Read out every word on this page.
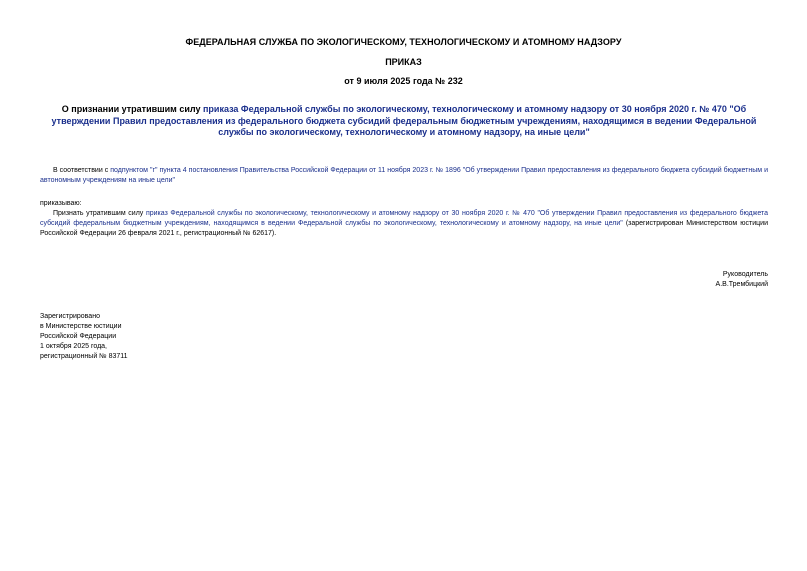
ФЕДЕРАЛЬНАЯ СЛУЖБА ПО ЭКОЛОГИЧЕСКОМУ, ТЕХНОЛОГИЧЕСКОМУ И АТОМНОМУ НАДЗОРУ
ПРИКАЗ
от 9 июля 2025 года № 232
О признании утратившим силу приказа Федеральной службы по экологическому, технологическому и атомному надзору от 30 ноября 2020 г. № 470 "Об утверждении Правил предоставления из федерального бюджета субсидий федеральным бюджетным учреждениям, находящимся в ведении Федеральной службы по экологическому, технологическому и атомному надзору, на иные цели"
В соответствии с подпунктом "г" пункта 4 постановления Правительства Российской Федерации от 11 ноября 2023 г. № 1896 "Об утверждении Правил предоставления из федерального бюджета субсидий бюджетным и автономным учреждениям на иные цели"
приказываю:
Признать утратившим силу приказ Федеральной службы по экологическому, технологическому и атомному надзору от 30 ноября 2020 г. № 470 "Об утверждении Правил предоставления из федерального бюджета субсидий федеральным бюджетным учреждениям, находящимся в ведении Федеральной службы по экологическому, технологическому и атомному надзору, на иные цели" (зарегистрирован Министерством юстиции Российской Федерации 26 февраля 2021 г., регистрационный № 62617).
Руководитель
А.В.Трембицкий
Зарегистрировано
в Министерстве юстиции
Российской Федерации
1 октября 2025 года,
регистрационный № 83711
